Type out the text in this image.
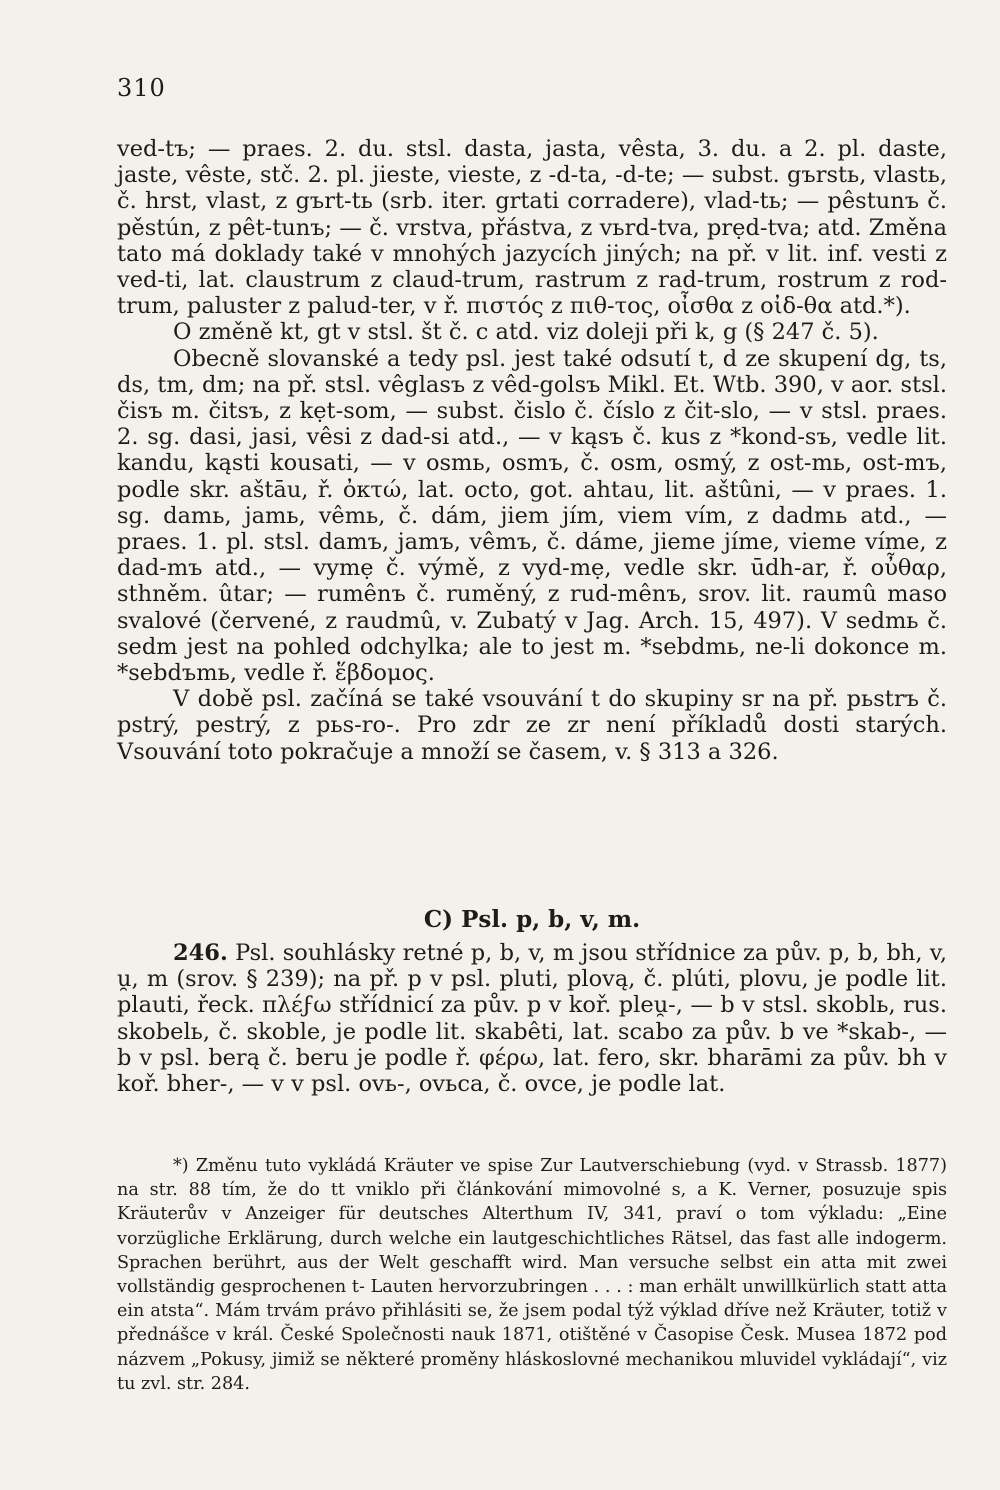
310

ved-tъ; — praes. 2. du. stsl. dasta, jasta, vêsta, 3. du. a 2. pl. daste, jaste, vêste, stč. 2. pl. jieste, vieste, z -d-ta, -d-te; — subst. gъrstь, vlastь, č. hrst, vlast, z gъrt-tь (srb. iter. grtati corradere), vlad-tь; — pêstunъ č. pěstún, z pêt-tunъ; — č. vrstva, přástva, z vьrd-tva, prẹd-tva; atd. Změna tato má doklady také v mnohých jazycích jiných; na př. v lit. inf. vesti z ved-ti, lat. claustrum z claud-trum, rastrum z rad-trum, rostrum z rod-trum, paluster z palud-ter, v ř. πιστός z πιθ-τος, οἶσθα z οἰδ-θα atd.*).

O změně kt, gt v stsl. št č. c atd. viz doleji při k, g (§ 247 č. 5).

Obecně slovanské a tedy psl. jest také odsutí t, d ze skupení dg, ts, ds, tm, dm; na př. stsl. vêglasъ z vêd-golsъ Mikl. Et. Wtb. 390, v aor. stsl. čisъ m. čitsъ, z kẹt-som, — subst. čislo č. číslo z čit-slo, — v stsl. praes. 2. sg. dasi, jasi, vêsi z dad-si atd., — v kąsъ č. kus z *kond-sъ, vedle lit. kandu, kąsti kousati, — v osmь, osmъ, č. osm, osmý, z ost-mь, ost-mъ, podle skr. aštāu, ř. ὀκτώ, lat. octo, got. ahtau, lit. aštûni, — v praes. 1. sg. damь, jamь, vêmь, č. dám, jiem jím, viem vím, z dadmь atd., — praes. 1. pl. stsl. damъ, jamъ, vêmъ, č. dáme, jieme jíme, vieme víme, z dad-mъ atd., — vymẹ č. výmě, z vyd-mẹ, vedle skr. ūdh-ar, ř. οὖθαρ, sthněm. ûtar; — rumênъ č. ruměný, z rud-mênъ, srov. lit. raumû maso svalové (červené, z raudmû, v. Zubatý v Jag. Arch. 15, 497). V sedmь č. sedm jest na pohled odchylka; ale to jest m. *sebdmь, ne-li dokonce m. *sebdъmь, vedle ř. ἕβδομος.

V době psl. začíná se také vsouvání t do skupiny sr na př. pьstrъ č. pstrý, pestrý, z pьs-ro-. Pro zdr ze zr není příkladů dosti starých. Vsouvání toto pokračuje a množí se časem, v. § 313 a 326.

C) Psl. p, b, v, m.

246. Psl. souhlásky retné p, b, v, m jsou střídnice za pův. p, b, bh, v, u̯, m (srov. § 239); na př. p v psl. pluti, plovą, č. plúti, plovu, je podle lit. plauti, řeck. πλέϝω střídnicí za pův. p v koř. pleu̯-, — b v stsl. skoblь, rus. skobelь, č. skoble, je podle lit. skabêti, lat. scabo za pův. b ve *skab-, — b v psl. berą č. beru je podle ř. φέρω, lat. fero, skr. bharāmi za pův. bh v koř. bher-, — v v psl. ovь-, ovьca, č. ovce, je podle lat.

*) Změnu tuto vykládá Kräuter ve spise Zur Lautverschiebung (vyd. v Strassb. 1877) na str. 88 tím, že do tt vniklo při článkování mimovolné s, a K. Verner, posuzuje spis Kräuterův v Anzeiger für deutsches Alterthum IV, 341, praví o tom výkladu: „Eine vorzügliche Erklärung, durch welche ein lautgeschichtliches Rätsel, das fast alle indogerm. Sprachen berührt, aus der Welt geschafft wird. Man versuche selbst ein atta mit zwei vollständig gesprochenen t- Lauten hervorzubringen . . . : man erhält unwillkürlich statt atta ein atsta“. Mám trvám právo přihlásiti se, že jsem podal týž výklad dříve než Kräuter, totiž v přednášce v král. České Společnosti nauk 1871, otištěné v Časopise Česk. Musea 1872 pod názvem „Pokusy, jimiž se některé proměny hláskoslovné mechanikou mluvidel vykládají“, viz tu zvl. str. 284.
